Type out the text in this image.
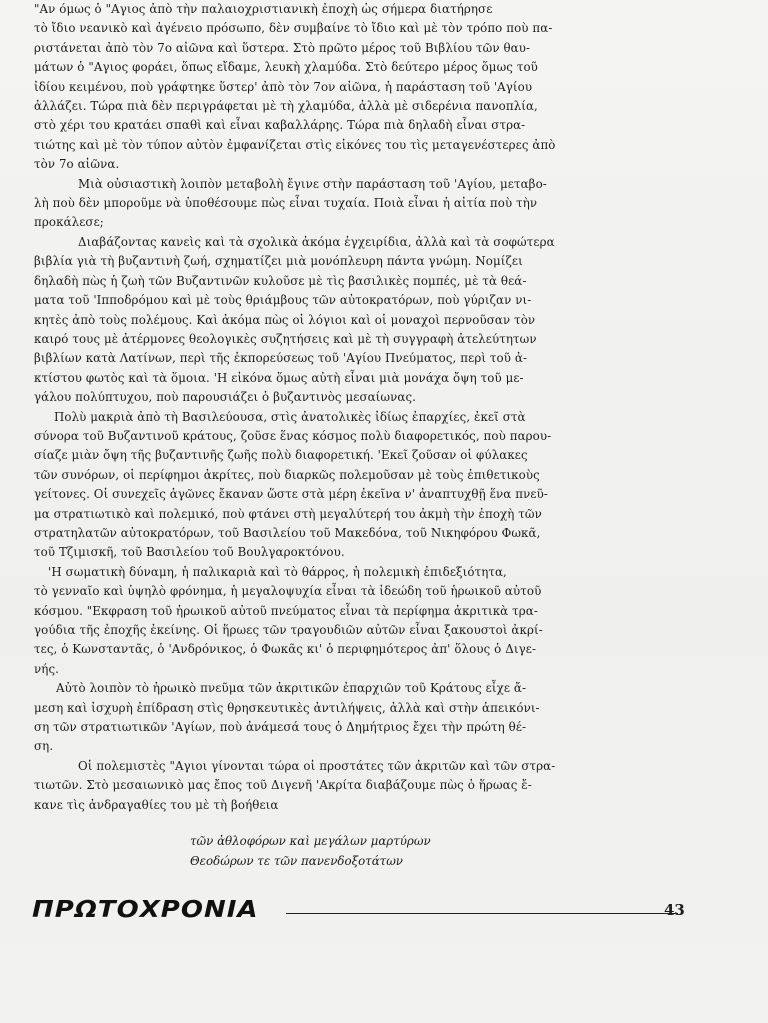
"Αν όμως ὁ "Αγιος ἀπὸ τὴν παλαιοχριστιανικὴ ἐποχὴ ὡς σήμερα διατήρησε
τὸ ἴδιο νεανικὸ καὶ ἀγένειο πρόσωπο, δὲν συμβαίνε τὸ ἴδιο καὶ μὲ τὸν τρόπο ποὺ πα-
ριστάνεται ἀπὸ τὸν 7ο αἰῶνα καὶ ὕστερα. Στὸ πρῶτο μέρος τοῦ Βιβλίου τῶν θαυ-
μάτων ὁ "Αγιος φοράει, ὅπως εἴδαμε, λευκὴ χλαμύδα. Στὸ δεύτερο μέρος ὅμως τοῦ
ἰδίου κειμένου, ποὺ γράφτηκε ὕστερ' ἀπὸ τὸν 7ον αἰῶνα, ἡ παράσταση τοῦ 'Αγίου
ἀλλάζει. Τώρα πιὰ δὲν περιγράφεται μὲ τὴ χλαμύδα, ἀλλὰ μὲ σιδερένια πανοπλία,
στὸ χέρι του κρατάει σπαθὶ καὶ εἶναι καβαλλάρης. Τώρα πιὰ δηλαδὴ εἶναι στρα-
τιώτης καὶ μὲ τὸν τύπον αὐτὸν ἐμφανίζεται στὶς εἰκόνες του τὶς μεταγενέστερες ἀπὸ
τὸν 7ο αἰῶνα.

Μιὰ οὐσιαστικὴ λοιπὸν μεταβολὴ ἔγινε στὴν παράσταση τοῦ 'Αγίου, μεταβο-
λὴ ποὺ δὲν μποροῦμε νὰ ὑποθέσουμε πὼς εἶναι τυχαία. Ποιὰ εἶναι ἡ αἰτία ποὺ τὴν
προκάλεσε;

Διαβάζοντας κανεὶς καὶ τὰ σχολικὰ ἀκόμα ἐγχειρίδια, ἀλλὰ καὶ τὰ σοφώτερα
βιβλία γιὰ τὴ βυζαντινὴ ζωή, σχηματίζει μιὰ μονόπλευρη πάντα γνώμη. Νομίζει
δηλαδὴ πὼς ἡ ζωὴ τῶν Βυζαντινῶν κυλοῦσε μὲ τὶς βασιλικὲς πομπές, μὲ τὰ θεά-
ματα τοῦ 'Ιπποδρόμου καὶ μὲ τοὺς θριάμβους τῶν αὐτοκρατόρων, ποὺ γύριζαν νι-
κητὲς ἀπὸ τοὺς πολέμους. Καὶ ἀκόμα πὼς οἱ λόγιοι καὶ οἱ μοναχοὶ περνοῦσαν τὸν
καιρό τους μὲ ἀτέρμονες θεολογικὲς συζητήσεις καὶ μὲ τὴ συγγραφὴ ἀτελεύτητων
βιβλίων κατὰ Λατίνων, περὶ τῆς ἐκπορεύσεως τοῦ 'Αγίου Πνεύματος, περὶ τοῦ ἀ-
κτίστου φωτὸς καὶ τὰ ὅμοια. 'Η εἰκόνα ὅμως αὐτὴ εἶναι μιὰ μονάχα ὄψη τοῦ με-
γάλου πολύπτυχου, ποὺ παρουσιάζει ὁ βυζαντινὸς μεσαίωνας.

Πολὺ μακριὰ ἀπὸ τὴ Βασιλεύουσα, στὶς ἀνατολικὲς ἰδίως ἐπαρχίες, ἐκεῖ στὰ
σύνορα τοῦ Βυζαντινοῦ κράτους, ζοῦσε ἕνας κόσμος πολὺ διαφορετικός, ποὺ παρου-
σίαζε μιὰν ὄψη τῆς βυζαντινῆς ζωῆς πολὺ διαφορετική. 'Εκεῖ ζοῦσαν οἱ φύλακες
τῶν συνόρων, οἱ περίφημοι ἀκρίτες, ποὺ διαρκῶς πολεμοῦσαν μὲ τοὺς ἐπιθετικοὺς
γείτονες. Οἱ συνεχεῖς ἀγῶνες ἔκαναν ὥστε στὰ μέρη ἐκεῖνα ν' ἀναπτυχθῇ ἕνα πνεῦ-
μα στρατιωτικὸ καὶ πολεμικό, ποὺ φτάνει στὴ μεγαλύτερή του ἀκμὴ τὴν ἐποχὴ τῶν
στρατηλατῶν αὐτοκρατόρων, τοῦ Βασιλείου τοῦ Μακεδόνα, τοῦ Νικηφόρου Φωκᾶ,
τοῦ Τζιμισκῆ, τοῦ Βασιλείου τοῦ Βουλγαροκτόνου.

'Η σωματικὴ δύναμη, ἡ παλικαριὰ καὶ τὸ θάρρος, ἡ πολεμικὴ ἐπιδεξιότητα,
τὸ γενναῖο καὶ ὑψηλὸ φρόνημα, ἡ μεγαλοψυχία εἶναι τὰ ἰδεώδη τοῦ ἡρωικοῦ αὐτοῦ
κόσμου. "Εκφραση τοῦ ἡρωικοῦ αὐτοῦ πνεύματος εἶναι τὰ περίφημα ἀκριτικὰ τρα-
γούδια τῆς ἐποχῆς ἐκείνης. Οἱ ἥρωες τῶν τραγουδιῶν αὐτῶν εἶναι ξακουστοὶ ἀκρί-
τες, ὁ Κωνσταντᾶς, ὁ 'Ανδρόνικος, ὁ Φωκᾶς κι' ὁ περιφημότερος ἀπ' ὅλους ὁ Διγε-
νής.

Αὐτὸ λοιπὸν τὸ ἡρωικὸ πνεῦμα τῶν ἀκριτικῶν ἐπαρχιῶν τοῦ Κράτους εἶχε ἄ-
μεση καὶ ἰσχυρὴ ἐπίδραση στὶς θρησκευτικὲς ἀντιλήψεις, ἀλλὰ καὶ στὴν ἀπεικόνι-
ση τῶν στρατιωτικῶν 'Αγίων, ποὺ ἀνάμεσά τους ὁ Δημήτριος ἔχει τὴν πρώτη θέ-
ση.

Οἱ πολεμιστὲς "Αγιοι γίνονται τώρα οἱ προστάτες τῶν ἀκριτῶν καὶ τῶν στρα-
τιωτῶν. Στὸ μεσαιωνικὸ μας ἔπος τοῦ Διγενῆ 'Ακρίτα διαβάζουμε πὼς ὁ ἥρωας ἔ-
κανε τὶς ἀνδραγαθίες του μὲ τὴ βοήθεια

τῶν ἀθλοφόρων καὶ μεγάλων μαρτύρων
Θεοδώρων τε τῶν πανενδοξοτάτων
ΠΡΩΤΟΧΡΟΝΙΑ	43
